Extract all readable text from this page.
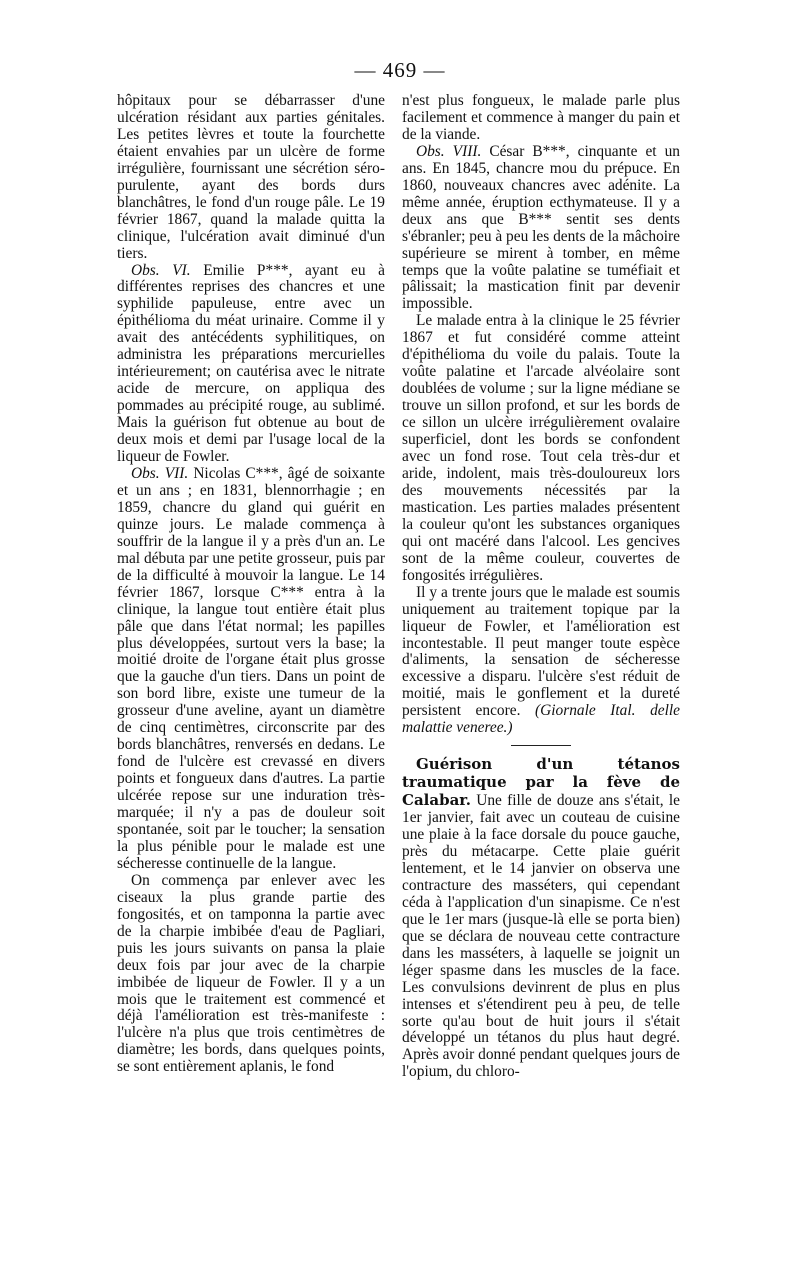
— 469 —

hôpitaux pour se débarrasser d'une ulcération résidant aux parties génitales. Les petites lèvres et toute la fourchette étaient envahies par un ulcère de forme irrégulière, fournissant une sécrétion séro-purulente, ayant des bords durs blanchâtres, le fond d'un rouge pâle. Le 19 février 1867, quand la malade quitta la clinique, l'ulcération avait diminué d'un tiers.

Obs. VI. Emilie P***, ayant eu à différentes reprises des chancres et une syphilide papuleuse, entre avec un épithélioma du méat urinaire. Comme il y avait des antécédents syphilitiques, on administra les préparations mercurielles intérieurement; on cautérisa avec le nitrate acide de mercure, on appliqua des pommades au précipité rouge, au sublimé. Mais la guérison fut obtenue au bout de deux mois et demi par l'usage local de la liqueur de Fowler.

Obs. VII. Nicolas C***, âgé de soixante et un ans ; en 1831, blennorrhagie ; en 1859, chancre du gland qui guérit en quinze jours. Le malade commença à souffrir de la langue il y a près d'un an. Le mal débuta par une petite grosseur, puis par de la difficulté à mouvoir la langue. Le 14 février 1867, lorsque C*** entra à la clinique, la langue tout entière était plus pâle que dans l'état normal; les papilles plus développées, surtout vers la base; la moitié droite de l'organe était plus grosse que la gauche d'un tiers. Dans un point de son bord libre, existe une tumeur de la grosseur d'une aveline, ayant un diamètre de cinq centimètres, circonscrite par des bords blanchâtres, renversés en dedans. Le fond de l'ulcère est crevassé en divers points et fongueux dans d'autres. La partie ulcérée repose sur une induration très-marquée; il n'y a pas de douleur soit spontanée, soit par le toucher; la sensation la plus pénible pour le malade est une sécheresse continuelle de la langue.

On commença par enlever avec les ciseaux la plus grande partie des fongosités, et on tamponna la partie avec de la charpie imbibée d'eau de Pagliari, puis les jours suivants on pansa la plaie deux fois par jour avec de la charpie imbibée de liqueur de Fowler. Il y a un mois que le traitement est commencé et déjà l'amélioration est très-manifeste : l'ulcère n'a plus que trois centimètres de diamètre; les bords, dans quelques points, se sont entièrement aplanis, le fond

n'est plus fongueux, le malade parle plus facilement et commence à manger du pain et de la viande.

Obs. VIII. César B***, cinquante et un ans. En 1845, chancre mou du prépuce. En 1860, nouveaux chancres avec adénite. La même année, éruption ecthymateuse. Il y a deux ans que B*** sentit ses dents s'ébranler; peu à peu les dents de la mâchoire supérieure se mirent à tomber, en même temps que la voûte palatine se tuméfiait et pâlissait; la mastication finit par devenir impossible.

Le malade entra à la clinique le 25 février 1867 et fut considéré comme atteint d'épithélioma du voile du palais. Toute la voûte palatine et l'arcade alvéolaire sont doublées de volume ; sur la ligne médiane se trouve un sillon profond, et sur les bords de ce sillon un ulcère irrégulièrement ovalaire superficiel, dont les bords se confondent avec un fond rose. Tout cela très-dur et aride, indolent, mais très-douloureux lors des mouvements nécessités par la mastication. Les parties malades présentent la couleur qu'ont les substances organiques qui ont macéré dans l'alcool. Les gencives sont de la même couleur, couvertes de fongosités irrégulières.

Il y a trente jours que le malade est soumis uniquement au traitement topique par la liqueur de Fowler, et l'amélioration est incontestable. Il peut manger toute espèce d'aliments, la sensation de sécheresse excessive a disparu. l'ulcère s'est réduit de moitié, mais le gonflement et la dureté persistent encore. (Giornale Ital. delle malattie veneree.)

Guérison d'un tétanos traumatique par la fève de Calabar. Une fille de douze ans s'était, le 1er janvier, fait avec un couteau de cuisine une plaie à la face dorsale du pouce gauche, près du métacarpe. Cette plaie guérit lentement, et le 14 janvier on observa une contracture des masséters, qui cependant céda à l'application d'un sinapisme. Ce n'est que le 1er mars (jusque-là elle se porta bien) que se déclara de nouveau cette contracture dans les masséters, à laquelle se joignit un léger spasme dans les muscles de la face. Les convulsions devinrent de plus en plus intenses et s'étendirent peu à peu, de telle sorte qu'au bout de huit jours il s'était développé un tétanos du plus haut degré. Après avoir donné pendant quelques jours de l'opium, du chloro-
